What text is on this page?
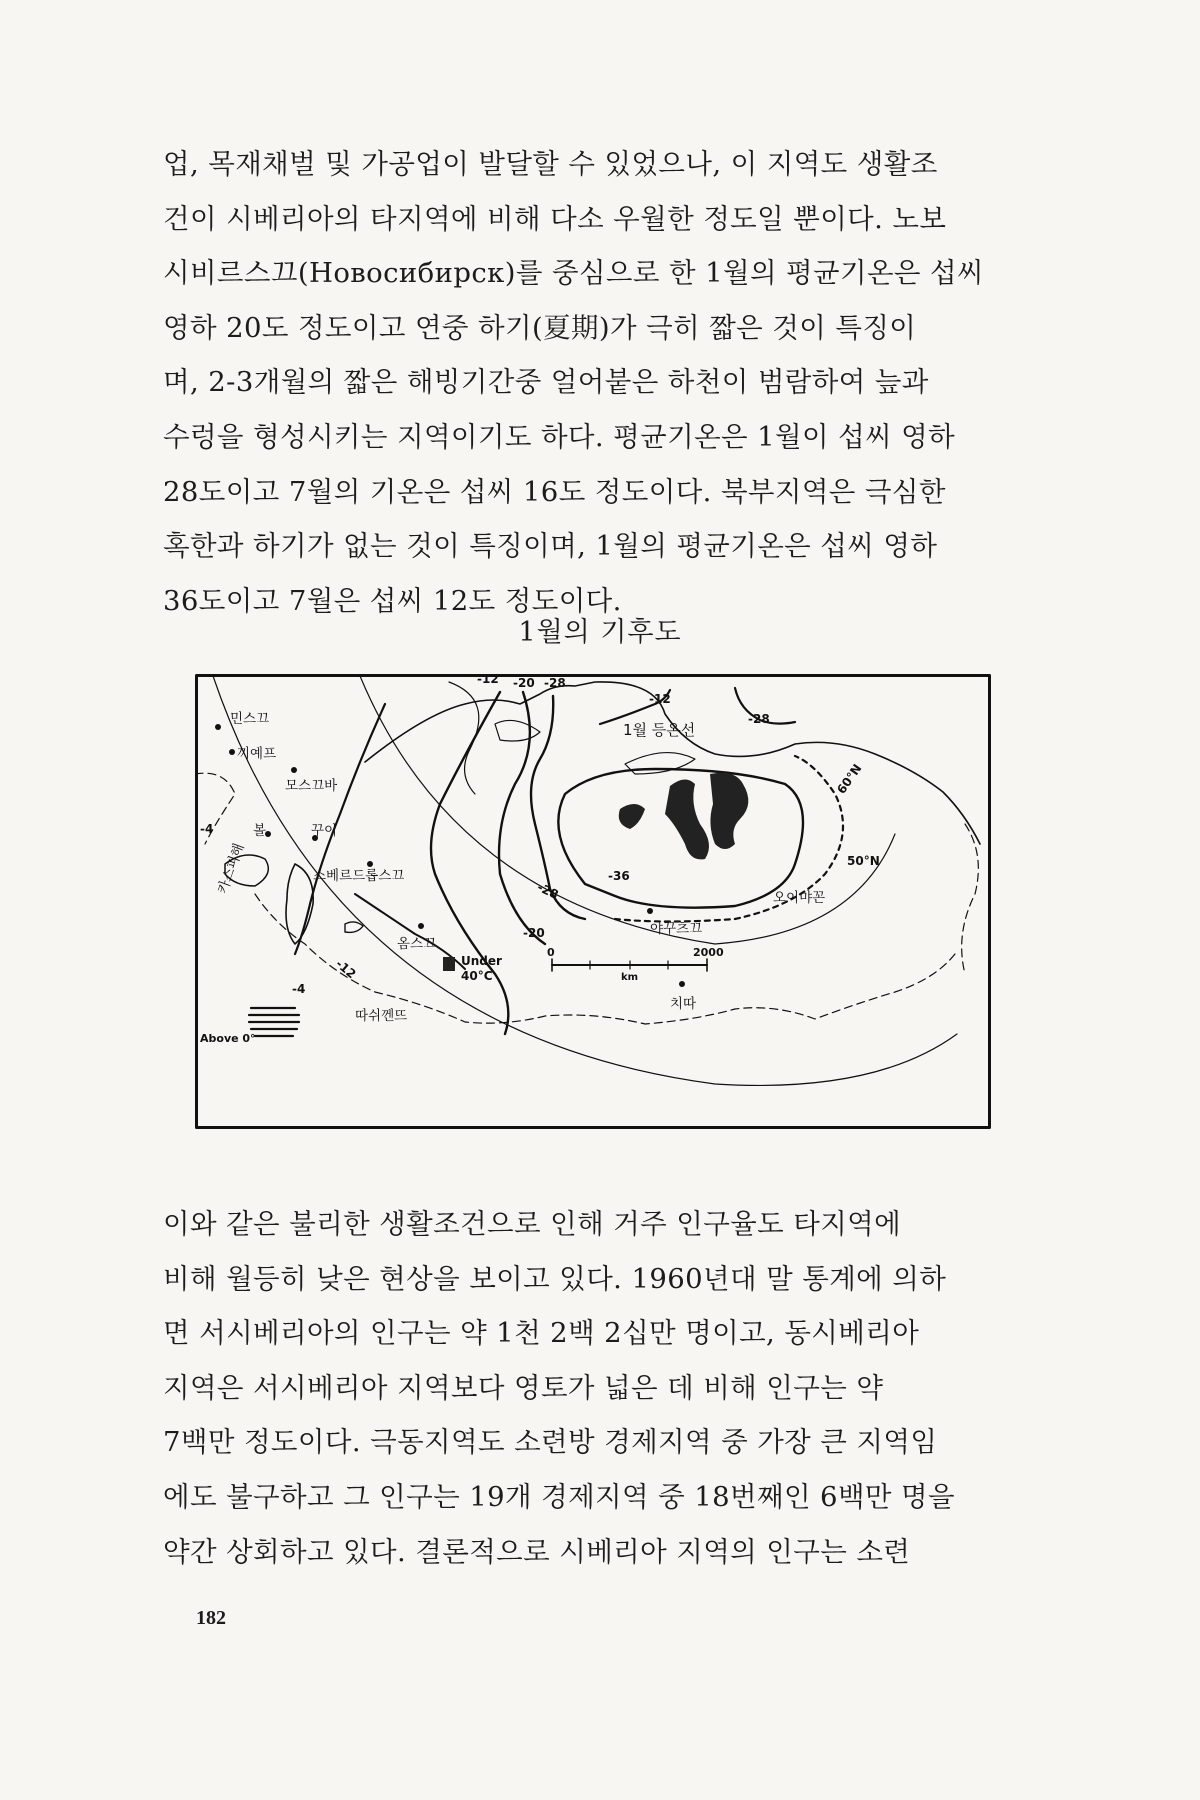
업, 목재채벌 및 가공업이 발달할 수 있었으나, 이 지역도 생활조
건이 시베리아의 타지역에 비해 다소 우월한 정도일 뿐이다. 노보
시비르스끄(Новосибирск)를 중심으로 한 1월의 평균기온은 섭씨
영하 20도 정도이고 연중 하기(夏期)가 극히 짧은 것이 특징이
며, 2-3개월의 짧은 해빙기간중 얼어붙은 하천이 범람하여 늪과
수렁을 형성시키는 지역이기도 하다. 평균기온은 1월이 섭씨 영하
28도이고 7월의 기온은 섭씨 16도 정도이다. 북부지역은 극심한
혹한과 하기가 없는 것이 특징이며, 1월의 평균기온은 섭씨 영하
36도이고 7월은 섭씨 12도 정도이다.

1월의 기후도
민스끄
끼예프
모스끄바
볼	꾸이
스베르드롭스끄
옴스끄
야꾸츠끄
오이먀꼰
치따
따쉬껜뜨
카스피해
1월 등온선
-12 -20 -28
-12
-28
-36
-28
-20
-12
-4
-4
60°N
50°N
Above 0°
Under
40°C
0	2000
km

이와 같은 불리한 생활조건으로 인해 거주 인구율도 타지역에
비해 월등히 낮은 현상을 보이고 있다. 1960년대 말 통계에 의하
면 서시베리아의 인구는 약 1천 2백 2십만 명이고, 동시베리아
지역은 서시베리아 지역보다 영토가 넓은 데 비해 인구는 약
7백만 정도이다. 극동지역도 소련방 경제지역 중 가장 큰 지역임
에도 불구하고 그 인구는 19개 경제지역 중 18번째인 6백만 명을
약간 상회하고 있다. 결론적으로 시베리아 지역의 인구는 소련

182
